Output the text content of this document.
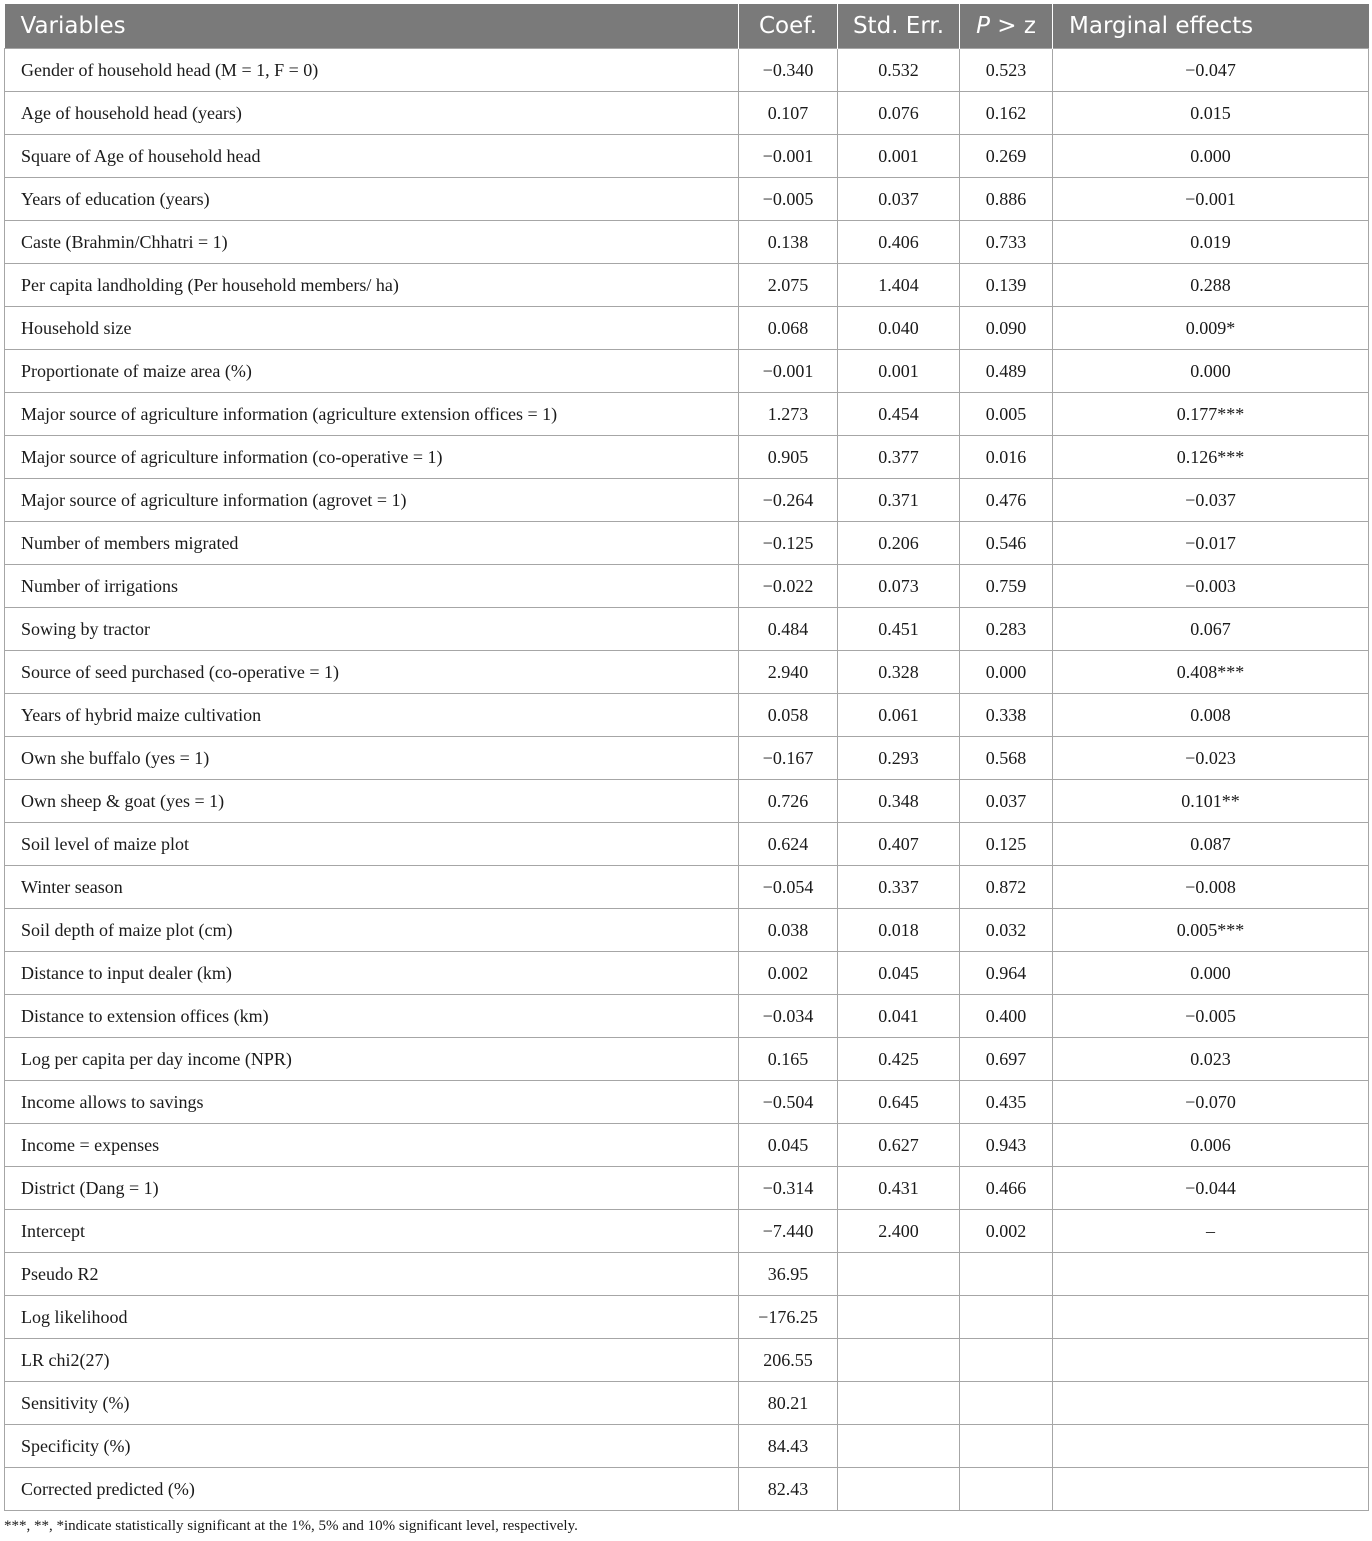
Variables	Coef.	Std. Err.	P > z	Marginal effects
Gender of household head (M = 1, F = 0)	−0.340	0.532	0.523	−0.047
Age of household head (years)	0.107	0.076	0.162	0.015
Square of Age of household head	−0.001	0.001	0.269	0.000
Years of education (years)	−0.005	0.037	0.886	−0.001
Caste (Brahmin/Chhatri = 1)	0.138	0.406	0.733	0.019
Per capita landholding (Per household members/ ha)	2.075	1.404	0.139	0.288
Household size	0.068	0.040	0.090	0.009*
Proportionate of maize area (%)	−0.001	0.001	0.489	0.000
Major source of agriculture information (agriculture extension offices = 1)	1.273	0.454	0.005	0.177***
Major source of agriculture information (co-operative = 1)	0.905	0.377	0.016	0.126***
Major source of agriculture information (agrovet = 1)	−0.264	0.371	0.476	−0.037
Number of members migrated	−0.125	0.206	0.546	−0.017
Number of irrigations	−0.022	0.073	0.759	−0.003
Sowing by tractor	0.484	0.451	0.283	0.067
Source of seed purchased (co-operative = 1)	2.940	0.328	0.000	0.408***
Years of hybrid maize cultivation	0.058	0.061	0.338	0.008
Own she buffalo (yes = 1)	−0.167	0.293	0.568	−0.023
Own sheep & goat (yes = 1)	0.726	0.348	0.037	0.101**
Soil level of maize plot	0.624	0.407	0.125	0.087
Winter season	−0.054	0.337	0.872	−0.008
Soil depth of maize plot (cm)	0.038	0.018	0.032	0.005***
Distance to input dealer (km)	0.002	0.045	0.964	0.000
Distance to extension offices (km)	−0.034	0.041	0.400	−0.005
Log per capita per day income (NPR)	0.165	0.425	0.697	0.023
Income allows to savings	−0.504	0.645	0.435	−0.070
Income = expenses	0.045	0.627	0.943	0.006
District (Dang = 1)	−0.314	0.431	0.466	−0.044
Intercept	−7.440	2.400	0.002	–
Pseudo R2	36.95			
Log likelihood	−176.25			
LR chi2(27)	206.55			
Sensitivity (%)	80.21			
Specificity (%)	84.43			
Corrected predicted (%)	82.43			
***, **, *indicate statistically significant at the 1%, 5% and 10% significant level, respectively.
